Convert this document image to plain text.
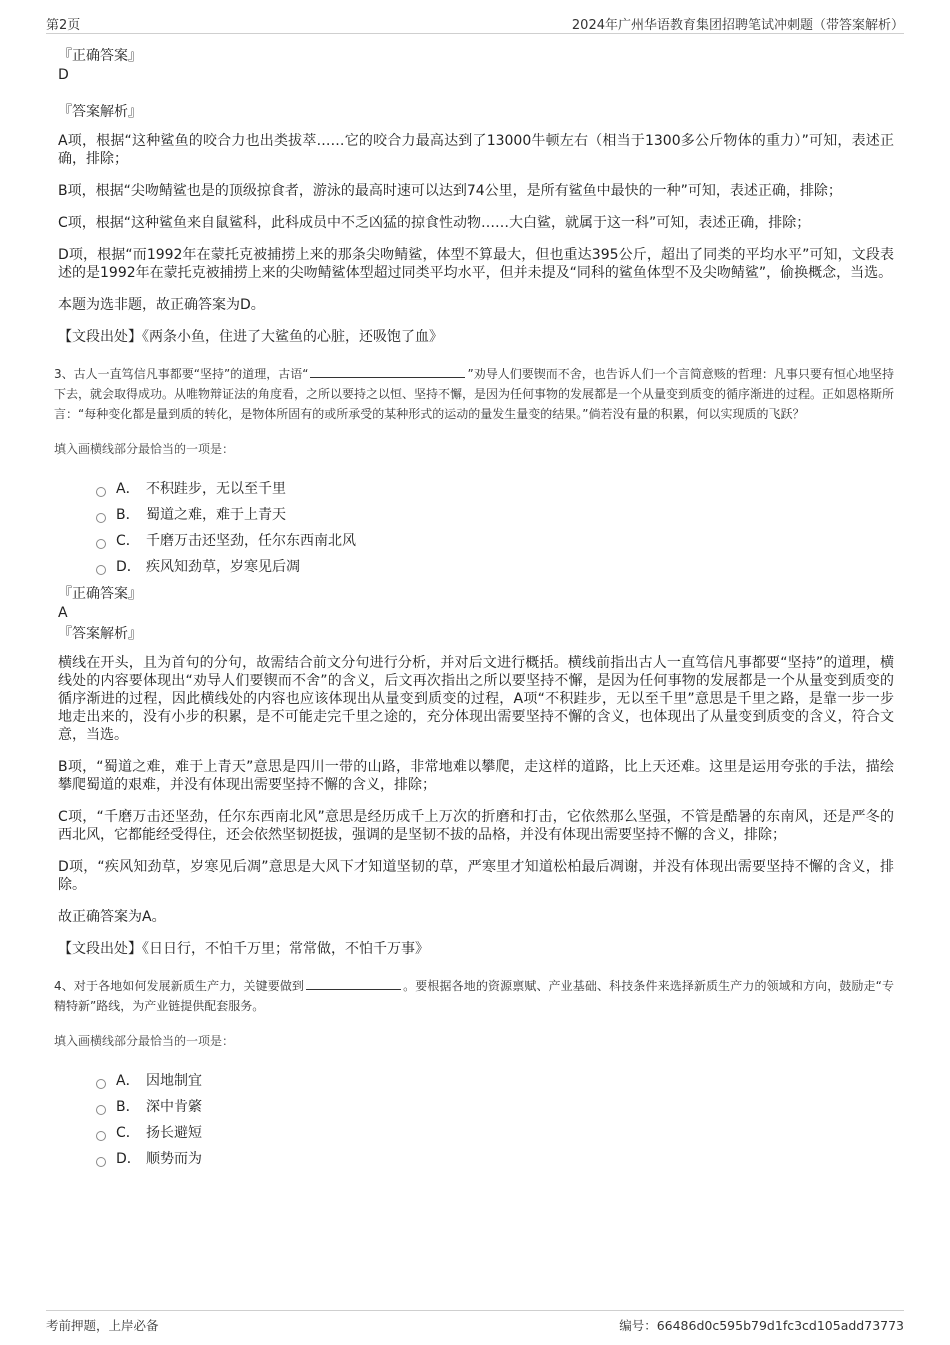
第2页	2024年广州华语教育集团招聘笔试冲刺题（带答案解析）
『正确答案』
D
『答案解析』

A项，根据“这种鲨鱼的咬合力也出类拔萃……它的咬合力最高达到了13000牛顿左右（相当于1300多公斤物体的重力）”可知，表述正确，排除；

B项，根据“尖吻鲭鲨也是的顶级掠食者，游泳的最高时速可以达到74公里，是所有鲨鱼中最快的一种”可知，表述正确，排除；

C项，根据“这种鲨鱼来自鼠鲨科，此科成员中不乏凶猛的掠食性动物……大白鲨，就属于这一科”可知，表述正确，排除；

D项，根据“而1992年在蒙托克被捕捞上来的那条尖吻鲭鲨，体型不算最大，但也重达395公斤，超出了同类的平均水平”可知，文段表述的是1992年在蒙托克被捕捞上来的尖吻鲭鲨体型超过同类平均水平，但并未提及“同科的鲨鱼体型不及尖吻鲭鲨”，偷换概念，当选。

本题为选非题，故正确答案为D。

【文段出处】《两条小鱼，住进了大鲨鱼的心脏，还吸饱了血》

3、古人一直笃信凡事都要“坚持”的道理，古语“	”劝导人们要锲而不舍，也告诉人们一个言简意赅的哲理：凡事只要有恒心地坚持下去，就会取得成功。从唯物辩证法的角度看，之所以要持之以恒、坚持不懈，是因为任何事物的发展都是一个从量变到质变的循序渐进的过程。正如恩格斯所言：“每种变化都是量到质的转化，是物体所固有的或所承受的某种形式的运动的量发生量变的结果。”倘若没有量的积累，何以实现质的飞跃？

填入画横线部分最恰当的一项是：

A． 不积跬步，无以至千里
B． 蜀道之难，难于上青天
C． 千磨万击还坚劲，任尔东西南北风
D． 疾风知劲草，岁寒见后凋
『正确答案』
A
『答案解析』

横线在开头，且为首句的分句，故需结合前文分句进行分析，并对后文进行概括。横线前指出古人一直笃信凡事都要“坚持”的道理，横线处的内容要体现出“劝导人们要锲而不舍”的含义，后文再次指出之所以要坚持不懈，是因为任何事物的发展都是一个从量变到质变的循序渐进的过程，因此横线处的内容也应该体现出从量变到质变的过程，A项“不积跬步，无以至千里”意思是千里之路，是靠一步一步地走出来的，没有小步的积累，是不可能走完千里之途的，充分体现出需要坚持不懈的含义，也体现出了从量变到质变的含义，符合文意，当选。

B项，“蜀道之难，难于上青天”意思是四川一带的山路，非常地难以攀爬，走这样的道路，比上天还难。这里是运用夸张的手法，描绘攀爬蜀道的艰难，并没有体现出需要坚持不懈的含义，排除；

C项，“千磨万击还坚劲，任尔东西南北风”意思是经历成千上万次的折磨和打击，它依然那么坚强，不管是酷暑的东南风，还是严冬的西北风，它都能经受得住，还会依然坚韧挺拔，强调的是坚韧不拔的品格，并没有体现出需要坚持不懈的含义，排除；

D项，“疾风知劲草，岁寒见后凋”意思是大风下才知道坚韧的草，严寒里才知道松柏最后凋谢，并没有体现出需要坚持不懈的含义，排除。

故正确答案为A。

【文段出处】《日日行，不怕千万里；常常做，不怕千万事》

4、对于各地如何发展新质生产力，关键要做到	。要根据各地的资源禀赋、产业基础、科技条件来选择新质生产力的领域和方向，鼓励走“专精特新”路线，为产业链提供配套服务。

填入画横线部分最恰当的一项是：

A． 因地制宜
B． 深中肯綮
C． 扬长避短
D． 顺势而为
考前押题，上岸必备	编号：66486d0c595b79d1fc3cd105add73773
